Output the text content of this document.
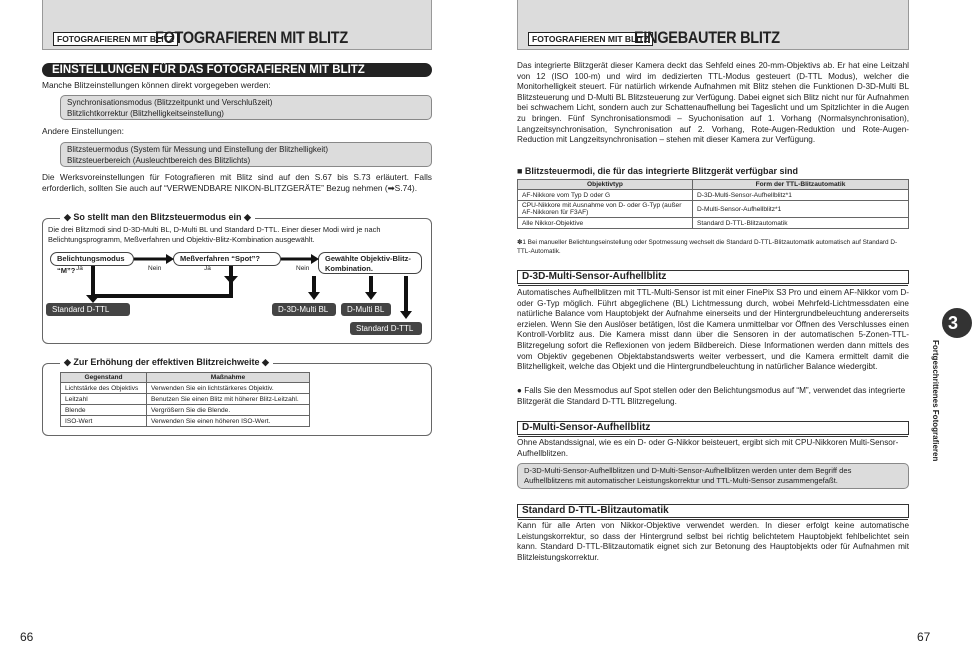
FOTOGRAFIEREN MIT BLITZ
FOTOGRAFIEREN MIT BLITZ
EINSTELLUNGEN FÜR DAS FOTOGRAFIEREN MIT BLITZ
Manche Blitzeinstellungen können direkt vorgegeben werden:
Synchronisationsmodus (Blitzzeitpunkt und Verschlußzeit)
Blitzlichtkorrektur (Blitzhelligkeitseinstellung)
Andere Einstellungen:
Blitzsteuermodus (System für Messung und Einstellung der Blitzhelligkeit)
Blitzsteuerbereich (Ausleuchtbereich des Blitzlichts)
Die Werksvoreinstellungen für Fotografieren mit Blitz sind auf den S.67 bis S.73 erläutert. Falls erforderlich, sollten Sie auch auf “VERWENDBARE NIKON-BLITZGERÄTE” Bezug nehmen (➡S.74).
◆ So stellt man den Blitzsteuermodus ein ◆
Die drei Blitzmodi sind D-3D-Multi BL, D-Multi BL und Standard D-TTL. Einer dieser Modi wird je nach Belichtungsprogramm, Meßverfahren und Objektiv-Blitz-Kombination ausgewählt.
Belichtungsmodus “M”?
Meßverfahren “Spot”?	Gewählte Objektiv-Blitz-Kombination.
Ja	Nein	Ja	Nein
Standard D-TTL	D-3D-Multi BL	D-Multi BL
Standard D-TTL
◆ Zur Erhöhung der effektiven Blitzreichweite ◆
Gegenstand	Maßnahme
Lichtstärke des Objektivs	Verwenden Sie ein lichtstärkeres Objektiv.
Leitzahl	Benutzen Sie einen Blitz mit höherer Blitz-Leitzahl.
Blende	Vergrößern Sie die Blende.
ISO-Wert	Verwenden Sie einen höheren ISO-Wert.
66
FOTOGRAFIEREN MIT BLITZ
EINGEBAUTER BLITZ
Das integrierte Blitzgerät dieser Kamera deckt das Sehfeld eines 20-mm-Objektivs ab. Er hat eine Leitzahl von 12 (ISO 100-m) und wird im dedizierten TTL-Modus gesteuert (D-TTL Modus), welcher die Monitorhelligkeit steuert. Für natürlich wirkende Aufnahmen mit Blitz stehen die Funktionen D-3D-Multi BL Blitzsteuerung und D-Multi BL Blitzsteuerung zur Verfügung. Dabei eignet sich Blitz nicht nur für Aufnahmen bei schwachem Licht, sondern auch zur Schattenaufhellung bei Tageslicht und um Spitzlichter in die Augen zu bringen. Fünf Synchronisationsmodi – Syuchonisation auf 1. Vorhang (Normalsynchronisation), Langzeitsynchronisation, Synchronisation auf 2. Vorhang, Rote-Augen-Reduktion und Rote-Augen-Reduction mit Langzeitsynchronisation – stehen mit dieser Kamera zur Verfügung.
■ Blitzsteuermodi, die für das integrierte Blitzgerät verfügbar sind
Objektivtyp	Form der TTL-Blitzautomatik
AF-Nikkore vom Typ D oder G	D-3D-Multi-Sensor-Aufhellblitz*1
CPU-Nikkore mit Ausnahme von D- oder G-Typ (außer AF-Nikkoren für F3AF)	D-Multi-Sensor-Aufhellblitz*1
Alle Nikkor-Objektive	Standard D-TTL-Blitzautomatik
✽1 Bei manueller Belichtungseinstellung oder Spotmessung wechselt die Standard D-TTL-Blitzautomatik automatisch auf Standard D-TTL-Automatik.
D-3D-Multi-Sensor-Aufhellblitz
Automatisches Aufhellblitzen mit TTL-Multi-Sensor ist mit einer FinePix S3 Pro und einem AF-Nikkor vom D- oder G-Typ möglich. Führt abgeglichene (BL) Lichtmessung durch, wobei Mehrfeld-Lichtmessdaten eine natürliche Balance vom Hauptobjekt der Aufnahme einerseits und der Hintergrundbeleuchtung andererseits erzielen. Wenn Sie den Auslöser betätigen, löst die Kamera unmittelbar vor Öffnen des Verschlusses einen Kontroll-Vorblitz aus. Die Kamera misst dann über die Sensoren in der automatischen 5-Zonen-TTL-Blitzregelung sofort die Reflexionen von jedem Bildbereich. Diese Informationen werden dann mittels des vom Objektiv gegebenen Objektabstandswerts weiter verbessert, und die Kamera ermittelt damit die Blitzhelligkeit, welche das Objekt und die Hintergrundbeleuchtung in natürlicher Balance wiedergibt.
● Falls Sie den Messmodus auf Spot stellen oder den Belichtungsmodus auf “M”, verwendet das integrierte Blitzgerät die Standard D-TTL Blitzregelung.
D-Multi-Sensor-Aufhellblitz
Ohne Abstandssignal, wie es ein D- oder G-Nikkor beisteuert, ergibt sich mit CPU-Nikkoren Multi-Sensor-Aufhellblitzen.
D-3D-Multi-Sensor-Aufhellblitzen und D-Multi-Sensor-Aufhellblitzen werden unter dem Begriff des Aufhellblitzens mit automatischer Leistungskorrektur und TTL-Multi-Sensor zusammengefaßt.
Standard D-TTL-Blitzautomatik
Kann für alle Arten von Nikkor-Objektive verwendet werden. In dieser erfolgt keine automatische Leistungskorrektur, so dass der Hintergrund selbst bei richtig belichtetem Hauptobjekt fehlbelichtet sein kann. Standard D-TTL-Blitzautomatik eignet sich zur Betonung des Hauptobjekts oder für Aufnahmen mit Blitzleistungskorrektur.
67
3
Fortgeschrittenes Fotografieren
